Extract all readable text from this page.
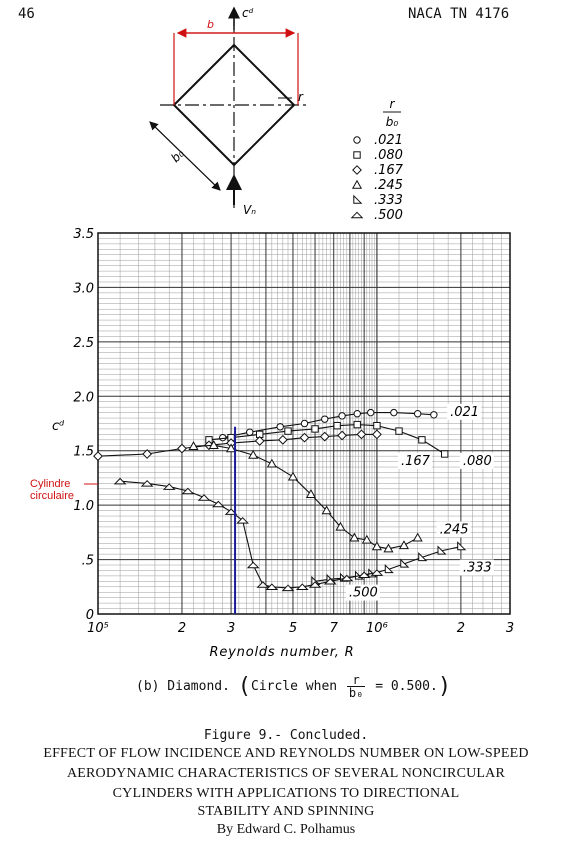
46	NACA TN 4176
b
r
b₀
cᵈ
Vₙ
r
b₀
.021
.080
.167
.245
.333
.500
0
.5
1.0
1.5
2.0
2.5
3.0
3.5
10⁵	2	3	5 7 10⁶	2	3
.021
.167	.080
.245
.333
.500
cᵈ
Reynolds number, R
Cylindre
circulaire
(b) Diamond. (Circle when $\frac{r}{\text{b₀}} = 0.500$.)
Figure 9.- Concluded.
EFFECT OF FLOW INCIDENCE AND REYNOLDS NUMBER ON LOW-SPEED
AERODYNAMIC CHARACTERISTICS OF SEVERAL NONCIRCULAR
CYLINDERS WITH APPLICATIONS TO DIRECTIONAL
STABILITY AND SPINNING
By Edward C. Polhamus
